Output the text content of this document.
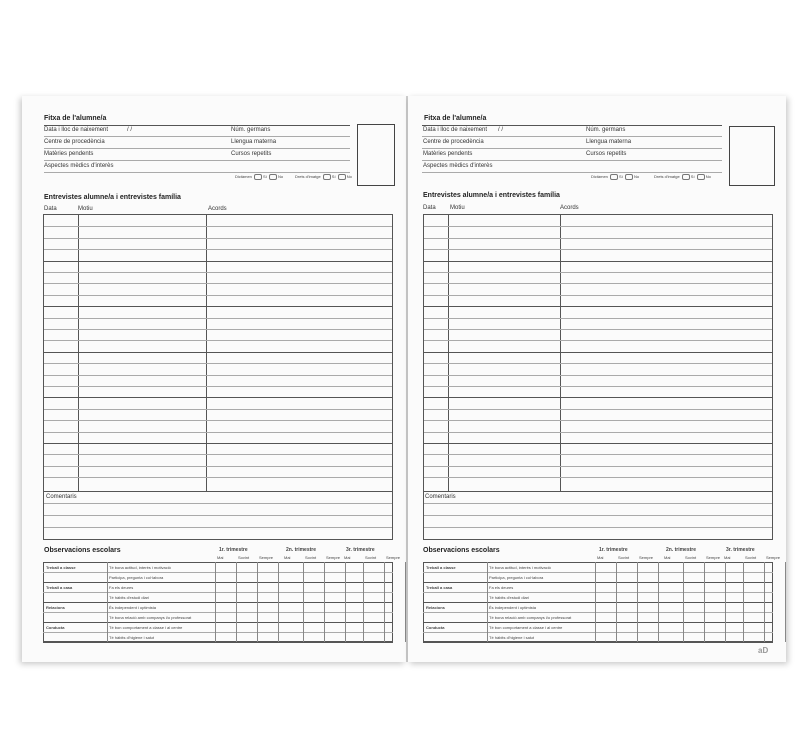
Fitxa de l'alumne/a
Data i lloc de naixement	/ /	Núm. germans
Centre de procedència	Llengua materna
Matèries pendents	Cursos repetits
Aspectes mèdics d'interès
Dictàmen	Sí	No	Drets d'imatge	Sí	No
Entrevistes alumne/a i entrevistes família
Data	Motiu	Acords
Comentaris
Observacions escolars	1r. trimestre
Mai	Sovint Sempre
2n. trimestre
Mai	Sovint Sempre
3r. trimestre
Mai	Sovint Sempre
Treball a classe	Té bona actitud, interès i motivació
Participa, pregunta i col·labora
Treball a casa	Fa els deures
Té hàbits d'estudi diari
Relacions	És independent i optimista
Té bona relació amb companys i/o professorat
Conducta	Té bon comportament a classe i al centre
Té hàbits d'higiene i salut
Fitxa de l'alumne/a
Data i lloc de naixement / /	Núm. germans
Centre de procedència	Llengua materna
Matèries pendents	Cursos repetits
Aspectes mèdics d'interès
Dictàmen	Sí	No	Drets d'imatge	Sí	No
Entrevistes alumne/a i entrevistes família
Data Motiu	Acords
Comentaris
Observacions escolars	1r. trimestre
Mai	Sovint Sempre
2n. trimestre
Mai	Sovint Sempre
3r. trimestre
Mai	Sovint Sempre
Treball a classe	Té bona actitud, interès i motivació
Participa, pregunta i col·labora
Treball a casa	Fa els deures
Té hàbits d'estudi diari
Relacions	És independent i optimista
Té bona relació amb companys i/o professorat
Conducta	Té bon comportament a classe i al centre
Té hàbits d'higiene i salut
aD
